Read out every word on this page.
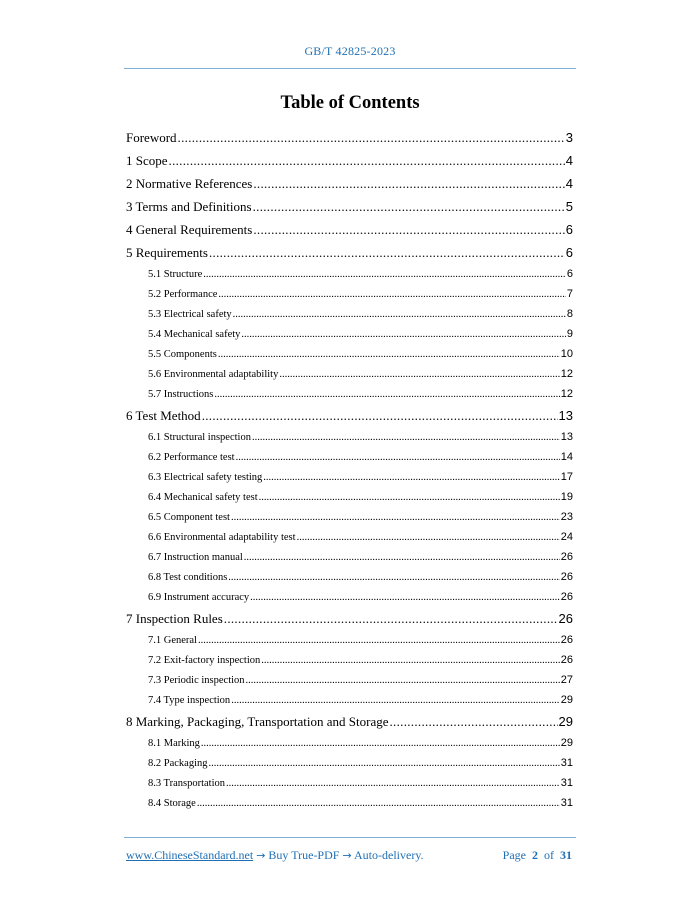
GB/T 42825-2023
Table of Contents
Foreword .....	3
1 Scope .....	4
2 Normative References .....	4
3 Terms and Definitions .....	5
4 General Requirements .....	6
5 Requirements .....	6
5.1 Structure .....	6
5.2 Performance .....	7
5.3 Electrical safety .....	8
5.4 Mechanical safety .....	9
5.5 Components .....	10
5.6 Environmental adaptability .....	12
5.7 Instructions .....	12
6 Test Method .....	13
6.1 Structural inspection .....	13
6.2 Performance test .....	14
6.3 Electrical safety testing .....	17
6.4 Mechanical safety test .....	19
6.5 Component test .....	23
6.6 Environmental adaptability test .....	24
6.7 Instruction manual .....	26
6.8 Test conditions .....	26
6.9 Instrument accuracy .....	26
7 Inspection Rules .....	26
7.1 General .....	26
7.2 Exit-factory inspection .....	26
7.3 Periodic inspection .....	27
7.4 Type inspection .....	29
8 Marking, Packaging, Transportation and Storage .....	29
8.1 Marking .....	29
8.2 Packaging .....	31
8.3 Transportation .....	31
8.4 Storage .....	31
www.ChineseStandard.net → Buy True-PDF → Auto-delivery.	Page 2 of 31
